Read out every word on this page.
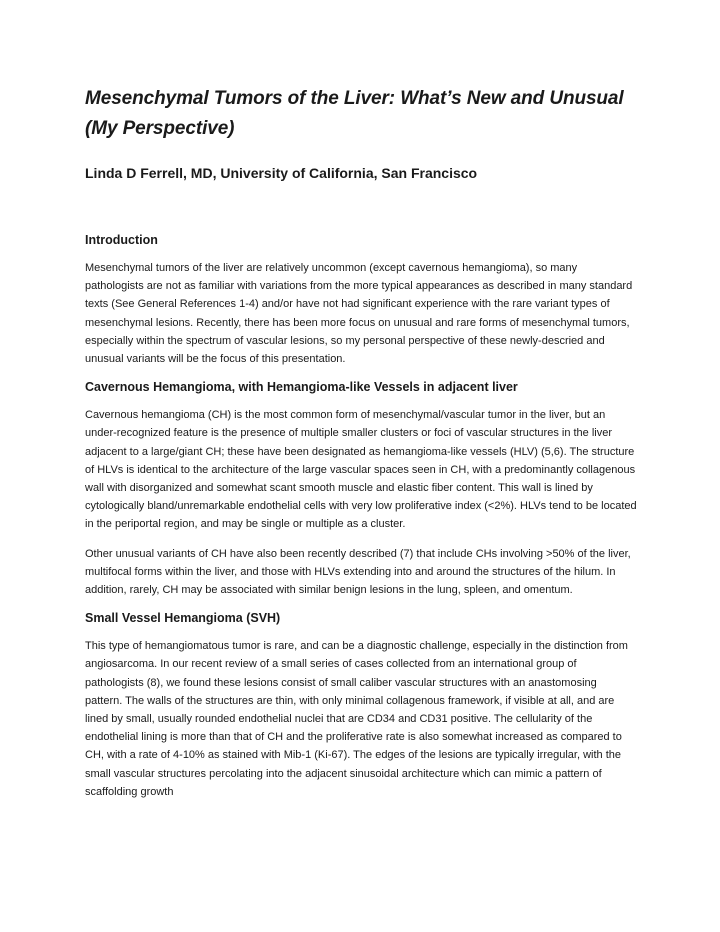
Mesenchymal Tumors of the Liver: What’s New and Unusual
(My Perspective)
Linda D Ferrell, MD, University of California, San Francisco
Introduction

Mesenchymal tumors of the liver are relatively uncommon (except cavernous hemangioma), so many pathologists are not as familiar with variations from the more typical appearances as described in many standard texts (See General References 1-4) and/or have not had significant experience with the rare variant types of mesenchymal lesions. Recently, there has been more focus on unusual and rare forms of mesenchymal tumors, especially within the spectrum of vascular lesions, so my personal perspective of these newly-descried and unusual variants will be the focus of this presentation.

Cavernous Hemangioma, with Hemangioma-like Vessels in adjacent liver

Cavernous hemangioma (CH) is the most common form of mesenchymal/vascular tumor in the liver, but an under-recognized feature is the presence of multiple smaller clusters or foci of vascular structures in the liver adjacent to a large/giant CH; these have been designated as hemangioma-like vessels (HLV) (5,6). The structure of HLVs is identical to the architecture of the large vascular spaces seen in CH, with a predominantly collagenous wall with disorganized and somewhat scant smooth muscle and elastic fiber content. This wall is lined by cytologically bland/unremarkable endothelial cells with very low proliferative index (<2%). HLVs tend to be located in the periportal region, and may be single or multiple as a cluster.

Other unusual variants of CH have also been recently described (7) that include CHs involving >50% of the liver, multifocal forms within the liver, and those with HLVs extending into and around the structures of the hilum. In addition, rarely, CH may be associated with similar benign lesions in the lung, spleen, and omentum.

Small Vessel Hemangioma (SVH)

This type of hemangiomatous tumor is rare, and can be a diagnostic challenge, especially in the distinction from angiosarcoma. In our recent review of a small series of cases collected from an international group of pathologists (8), we found these lesions consist of small caliber vascular structures with an anastomosing pattern. The walls of the structures are thin, with only minimal collagenous framework, if visible at all, and are lined by small, usually rounded endothelial nuclei that are CD34 and CD31 positive. The cellularity of the endothelial lining is more than that of CH and the proliferative rate is also somewhat increased as compared to CH, with a rate of 4-10% as stained with Mib-1 (Ki-67). The edges of the lesions are typically irregular, with the small vascular structures percolating into the adjacent sinusoidal architecture which can mimic a pattern of scaffolding growth
